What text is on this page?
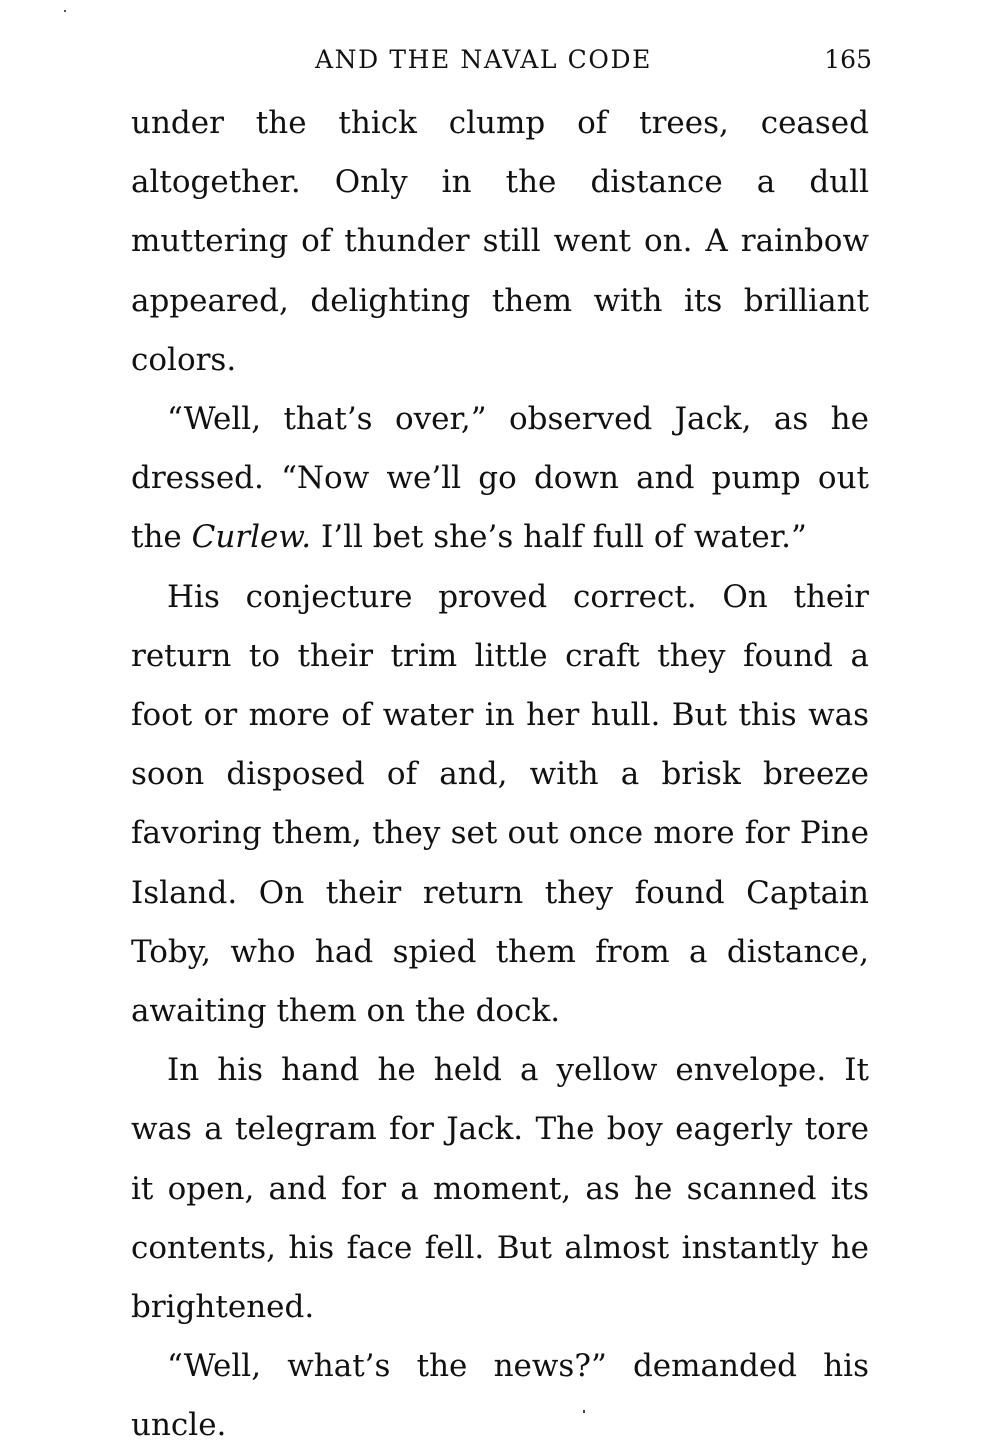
AND THE NAVAL CODE	165

under the thick clump of trees, ceased altogether. Only in the distance a dull muttering of thunder still went on. A rainbow appeared, delighting them with its brilliant colors.

“Well, that’s over,” observed Jack, as he dressed. “Now we’ll go down and pump out the Curlew. I’ll bet she’s half full of water.”

His conjecture proved correct. On their return to their trim little craft they found a foot or more of water in her hull. But this was soon disposed of and, with a brisk breeze favoring them, they set out once more for Pine Island. On their return they found Captain Toby, who had spied them from a distance, awaiting them on the dock.

In his hand he held a yellow envelope. It was a telegram for Jack. The boy eagerly tore it open, and for a moment, as he scanned its contents, his face fell. But almost instantly he brightened.

“Well, what’s the news?” demanded his uncle.
